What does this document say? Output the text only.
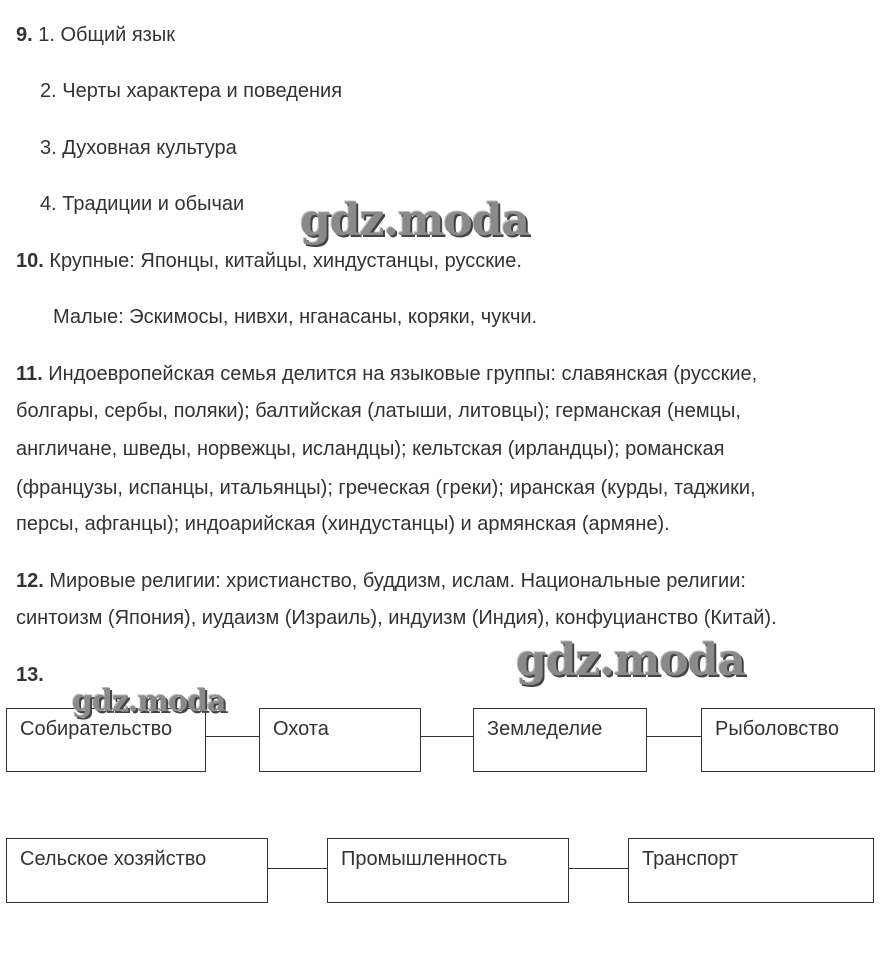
9. 1. Общий язык
2. Черты характера и поведения
3. Духовная культура
4. Традиции и обычаи
10. Крупные: Японцы, китайцы, хиндустанцы, русские.
Малые: Эскимосы, нивхи, нганасаны, коряки, чукчи.
11. Индоевропейская семья делится на языковые группы: славянская (русские,
болгары, сербы, поляки); балтийская (латыши, литовцы); германская (немцы,
англичане, шведы, норвежцы, исландцы); кельтская (ирландцы); романская
(французы, испанцы, итальянцы); греческая (греки); иранская (курды, таджики,
персы, афганцы); индоарийская (хиндустанцы) и армянская (армяне).
12. Мировые религии: христианство, буддизм, ислам. Национальные религии:
синтоизм (Япония), иудаизм (Израиль), индуизм (Индия), конфуцианство (Китай).
13.
Собирательство	Охота	Земледелие	Рыболовство
Сельское хозяйство	Промышленность	Транспорт
gdz.moda
gdz.moda
gdz.moda
